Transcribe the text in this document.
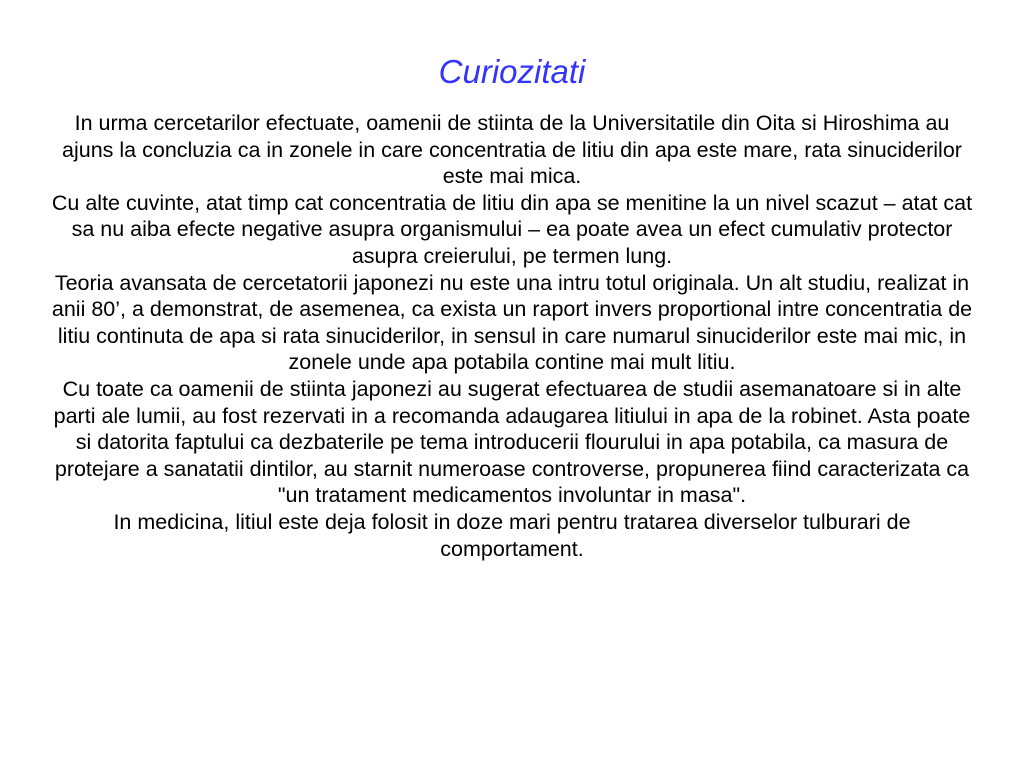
Curiozitati

In urma cercetarilor efectuate, oamenii de stiinta de la Universitatile din Oita si Hiroshima au ajuns la concluzia ca in zonele in care concentratia de litiu din apa este mare, rata sinuciderilor este mai mica.

Cu alte cuvinte, atat timp cat concentratia de litiu din apa se menitine la un nivel scazut – atat cat sa nu aiba efecte negative asupra organismului – ea poate avea un efect cumulativ protector asupra creierului, pe termen lung.

Teoria avansata de cercetatorii japonezi nu este una intru totul originala. Un alt studiu, realizat in anii 80’, a demonstrat, de asemenea, ca exista un raport invers proportional intre concentratia de litiu continuta de apa si rata sinuciderilor, in sensul in care numarul sinuciderilor este mai mic, in zonele unde apa potabila contine mai mult litiu.

Cu toate ca oamenii de stiinta japonezi au sugerat efectuarea de studii asemanatoare si in alte parti ale lumii, au fost rezervati in a recomanda adaugarea litiului in apa de la robinet. Asta poate si datorita faptului ca dezbaterile pe tema introducerii flourului in apa potabila, ca masura de protejare a sanatatii dintilor, au starnit numeroase controverse, propunerea fiind caracterizata ca "un tratament medicamentos involuntar in masa".

In medicina, litiul este deja folosit in doze mari pentru tratarea diverselor tulburari de comportament.
